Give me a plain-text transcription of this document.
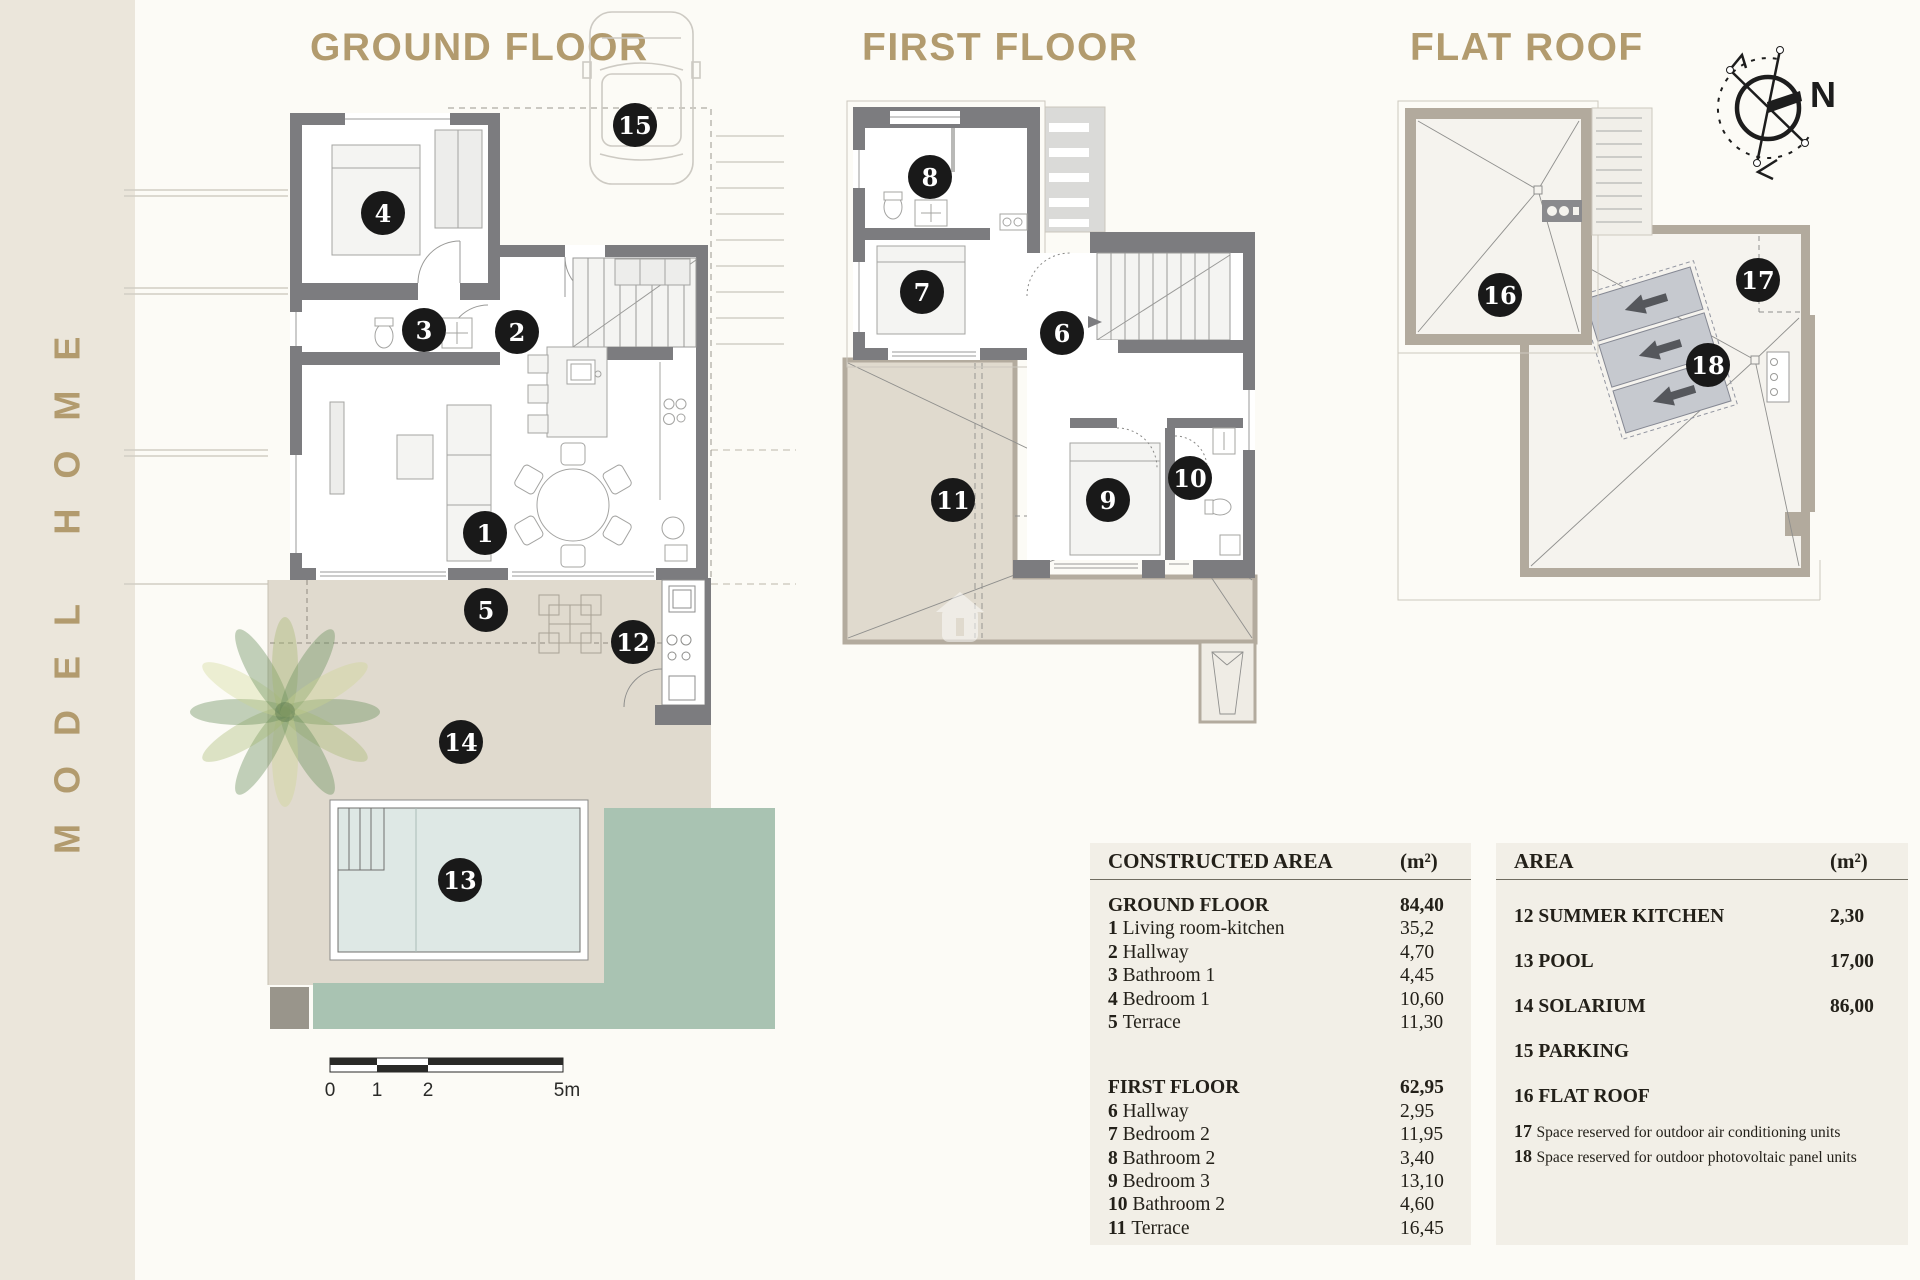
MODEL HOME
GROUND FLOOR	FIRST FLOOR	FLAT ROOF
0 1 2	5m
4
3	2
1
15
5
12
14
13
8
7
6
11	9
10
N
16
17
18
CONSTRUCTED AREA	(m²)
GROUND FLOOR	84,40
1 Living room-kitchen	35,2
2 Hallway	4,70
3 Bathroom 1	4,45
4 Bedroom 1	10,60
5 Terrace	11,30
FIRST FLOOR	62,95
6 Hallway	2,95
7 Bedroom 2	11,95
8 Bathroom 2	3,40
9 Bedroom 3	13,10
10 Bathroom 2	4,60
11 Terrace	16,45
AREA	(m²)
12 SUMMER KITCHEN	2,30
13 POOL	17,00
14 SOLARIUM	86,00
15 PARKING
16 FLAT ROOF
17 Space reserved for outdoor air conditioning units
18 Space reserved for outdoor photovoltaic panel units
